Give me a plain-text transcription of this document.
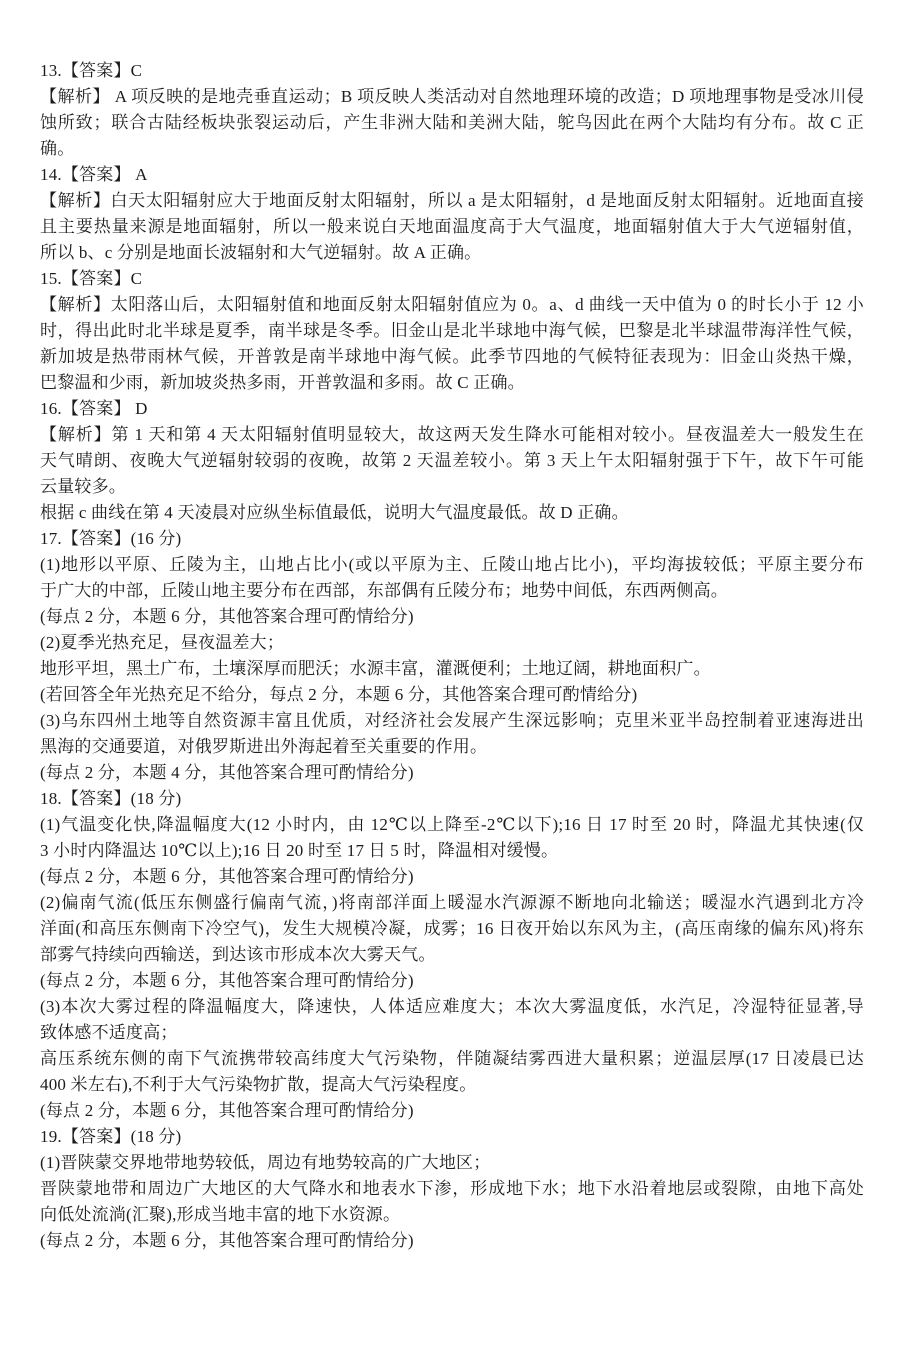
13.【答案】C
【解析】 A 项反映的是地壳垂直运动；B 项反映人类活动对自然地理环境的改造；D 项地理事物是受冰川侵
蚀所致；联合古陆经板块张裂运动后，产生非洲大陆和美洲大陆，鸵鸟因此在两个大陆均有分布。故 C 正
确。
14.【答案】 A
【解析】白天太阳辐射应大于地面反射太阳辐射，所以 a 是太阳辐射，d 是地面反射太阳辐射。近地面直接
且主要热量来源是地面辐射，所以一般来说白天地面温度高于大气温度，地面辐射值大于大气逆辐射值，
所以 b、c 分别是地面长波辐射和大气逆辐射。故 A 正确。
15.【答案】C
【解析】太阳落山后，太阳辐射值和地面反射太阳辐射值应为 0。a、d 曲线一天中值为 0 的时长小于 12 小
时，得出此时北半球是夏季，南半球是冬季。旧金山是北半球地中海气候，巴黎是北半球温带海洋性气候，
新加坡是热带雨林气候，开普敦是南半球地中海气候。此季节四地的气候特征表现为：旧金山炎热干燥，
巴黎温和少雨，新加坡炎热多雨，开普敦温和多雨。故 C 正确。
16.【答案】 D
【解析】第 1 天和第 4 天太阳辐射值明显较大，故这两天发生降水可能相对较小。昼夜温差大一般发生在
天气晴朗、夜晚大气逆辐射较弱的夜晚，故第 2 天温差较小。第 3 天上午太阳辐射强于下午，故下午可能
云量较多。
根据 c 曲线在第 4 天凌晨对应纵坐标值最低，说明大气温度最低。故 D 正确。
17.【答案】(16 分)
(1)地形以平原、丘陵为主，山地占比小(或以平原为主、丘陵山地占比小)，平均海拔较低；平原主要分布
于广大的中部，丘陵山地主要分布在西部，东部偶有丘陵分布；地势中间低，东西两侧高。
(每点 2 分，本题 6 分，其他答案合理可酌情给分)
(2)夏季光热充足，昼夜温差大；
地形平坦，黑土广布，土壤深厚而肥沃；水源丰富，灌溉便利；土地辽阔，耕地面积广。
(若回答全年光热充足不给分，每点 2 分，本题 6 分，其他答案合理可酌情给分)
(3)乌东四州土地等自然资源丰富且优质，对经济社会发展产生深远影响；克里米亚半岛控制着亚速海进出
黑海的交通要道，对俄罗斯进出外海起着至关重要的作用。
(每点 2 分，本题 4 分，其他答案合理可酌情给分)
18.【答案】(18 分)
(1)气温变化快,降温幅度大(12 小时内，由 12℃以上降至-2℃以下);16 日 17 时至 20 时，降温尤其快速(仅
3 小时内降温达 10℃以上);16 日 20 时至 17 日 5 时，降温相对缓慢。
(每点 2 分，本题 6 分，其他答案合理可酌情给分)
(2)偏南气流(低压东侧盛行偏南气流，)将南部洋面上暖湿水汽源源不断地向北输送；暖湿水汽遇到北方冷
洋面(和高压东侧南下冷空气)，发生大规模冷凝，成雾；16 日夜开始以东风为主，(高压南缘的偏东风)将东
部雾气持续向西输送，到达该市形成本次大雾天气。
(每点 2 分，本题 6 分，其他答案合理可酌情给分)
(3)本次大雾过程的降温幅度大，降速快，人体适应难度大；本次大雾温度低，水汽足，冷湿特征显著,导
致体感不适度高；
高压系统东侧的南下气流携带较高纬度大气污染物，伴随凝结雾西进大量积累；逆温层厚(17 日凌晨已达
400 米左右),不利于大气污染物扩散，提高大气污染程度。
(每点 2 分，本题 6 分，其他答案合理可酌情给分)
19.【答案】(18 分)
(1)晋陕蒙交界地带地势较低，周边有地势较高的广大地区；
晋陕蒙地带和周边广大地区的大气降水和地表水下渗，形成地下水；地下水沿着地层或裂隙，由地下高处
向低处流淌(汇聚),形成当地丰富的地下水资源。
(每点 2 分，本题 6 分，其他答案合理可酌情给分)
